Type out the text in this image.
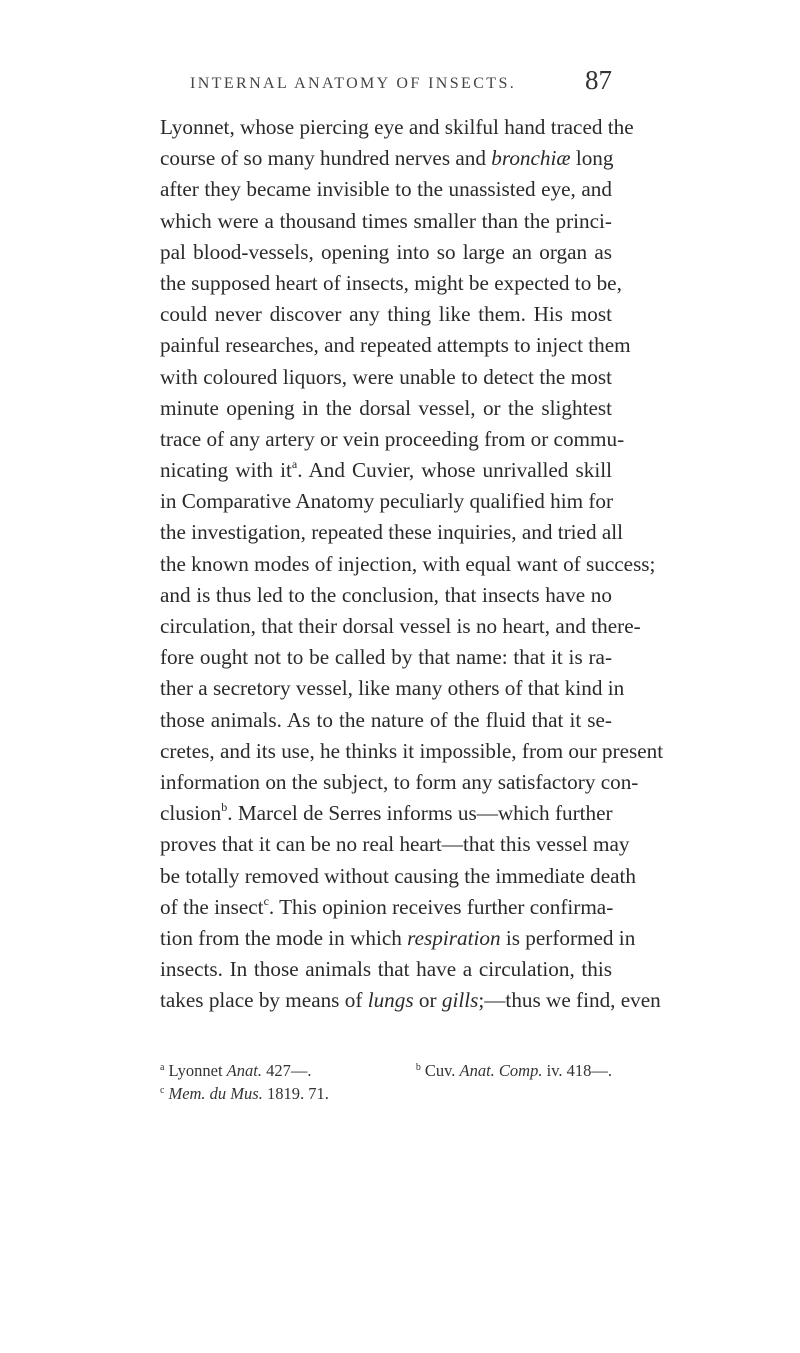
INTERNAL ANATOMY OF INSECTS.	87
Lyonnet, whose piercing eye and skilful hand traced the
course of so many hundred nerves and bronchiæ long
after they became invisible to the unassisted eye, and
which were a thousand times smaller than the princi-
pal blood-vessels, opening into so large an organ as
the supposed heart of insects, might be expected to be,
could never discover any thing like them. His most
painful researches, and repeated attempts to inject them
with coloured liquors, were unable to detect the most
minute opening in the dorsal vessel, or the slightest
trace of any artery or vein proceeding from or commu-
nicating with $it^a$. And Cuvier, whose unrivalled skill
in Comparative Anatomy peculiarly qualified him for
the investigation, repeated these inquiries, and tried all
the known modes of injection, with equal want of success;
and is thus led to the conclusion, that insects have no
circulation, that their dorsal vessel is no heart, and there-
fore ought not to be called by that name: that it is ra-
ther a secretory vessel, like many others of that kind in
those animals. As to the nature of the fluid that it se-
cretes, and its use, he thinks it impossible, from our present
information on the subject, to form any satisfactory con-
clusion$^b$. Marcel de Serres informs us—which further
proves that it can be no real heart—that this vessel may
be totally removed without causing the immediate death
of the insect$^c$. This opinion receives further confirma-
tion from the mode in which respiration is performed in
insects. In those animals that have a circulation, this
takes place by means of lungs or gills;—thus we find, even
$^a$ Lyonnet Anat. 427—.	$^b$ Cuv. Anat. Comp. iv. 418—.
$^c$ Mem. du Mus. 1819. 71.
